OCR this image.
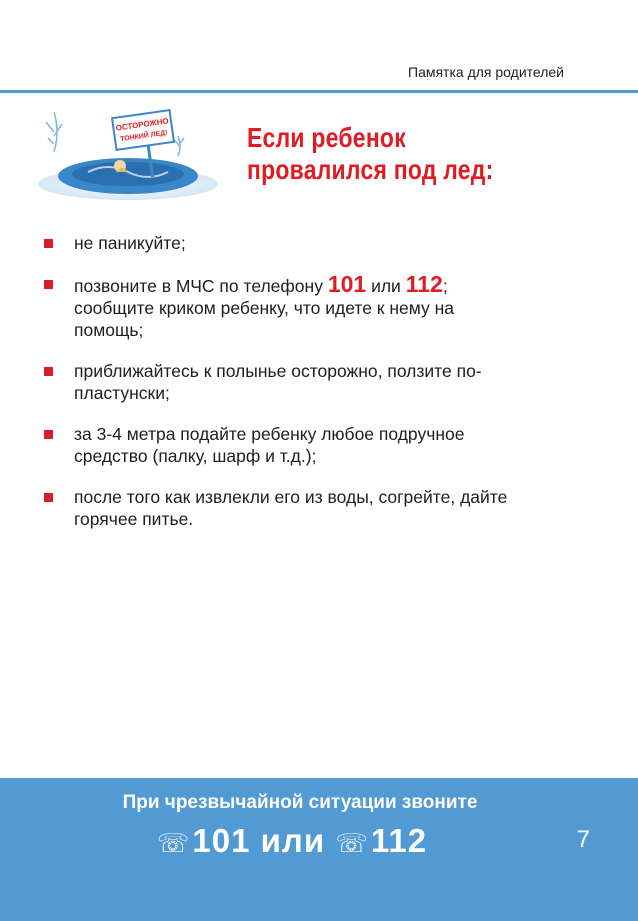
Памятка для родителей
ОСТОРОЖНО
ТОНКИЙ ЛЕД!	Если ребенок
провалился под лед:
не паникуйте;
позвоните в МЧС по телефону 101 или 112; сообщите криком ребенку, что идете к нему на помощь;
приближайтесь к полынье осторожно, ползите по-пластунски;
за 3-4 метра подайте ребенку любое подручное средство (палку, шарф и т.д.);
после того как извлекли его из воды, согрейте, дайте горячее питье.
При чрезвычайной ситуации звоните
☏101 или ☏112	7
